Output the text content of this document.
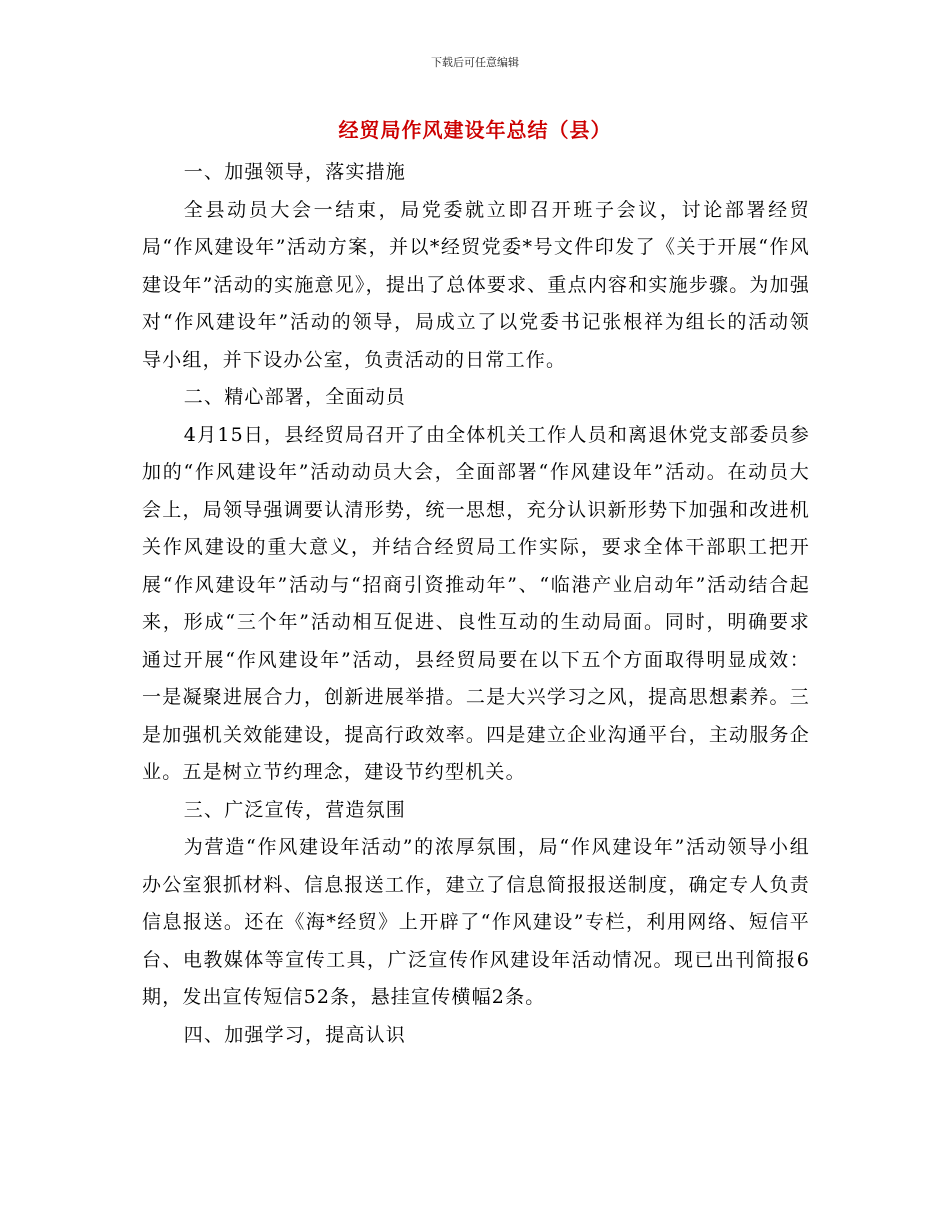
下载后可任意编辑
经贸局作风建设年总结（县）

一、加强领导，落实措施

全县动员大会一结束，局党委就立即召开班子会议，讨论部署经贸局“作风建设年”活动方案，并以*经贸党委*号文件印发了《关于开展“作风建设年”活动的实施意见》，提出了总体要求、重点内容和实施步骤。为加强对“作风建设年”活动的领导，局成立了以党委书记张根祥为组长的活动领导小组，并下设办公室，负责活动的日常工作。

二、精心部署，全面动员

4月15日，县经贸局召开了由全体机关工作人员和离退休党支部委员参加的“作风建设年”活动动员大会，全面部署“作风建设年”活动。在动员大会上，局领导强调要认清形势，统一思想，充分认识新形势下加强和改进机关作风建设的重大意义，并结合经贸局工作实际，要求全体干部职工把开展“作风建设年”活动与“招商引资推动年”、“临港产业启动年”活动结合起来，形成“三个年”活动相互促进、良性互动的生动局面。同时，明确要求通过开展“作风建设年”活动，县经贸局要在以下五个方面取得明显成效：一是凝聚进展合力，创新进展举措。二是大兴学习之风，提高思想素养。三是加强机关效能建设，提高行政效率。四是建立企业沟通平台，主动服务企业。五是树立节约理念，建设节约型机关。

三、广泛宣传，营造氛围

为营造“作风建设年活动”的浓厚氛围，局“作风建设年”活动领导小组办公室狠抓材料、信息报送工作，建立了信息简报报送制度，确定专人负责信息报送。还在《海*经贸》上开辟了“作风建设”专栏，利用网络、短信平台、电教媒体等宣传工具，广泛宣传作风建设年活动情况。现已出刊简报6期，发出宣传短信52条，悬挂宣传横幅2条。

四、加强学习，提高认识
